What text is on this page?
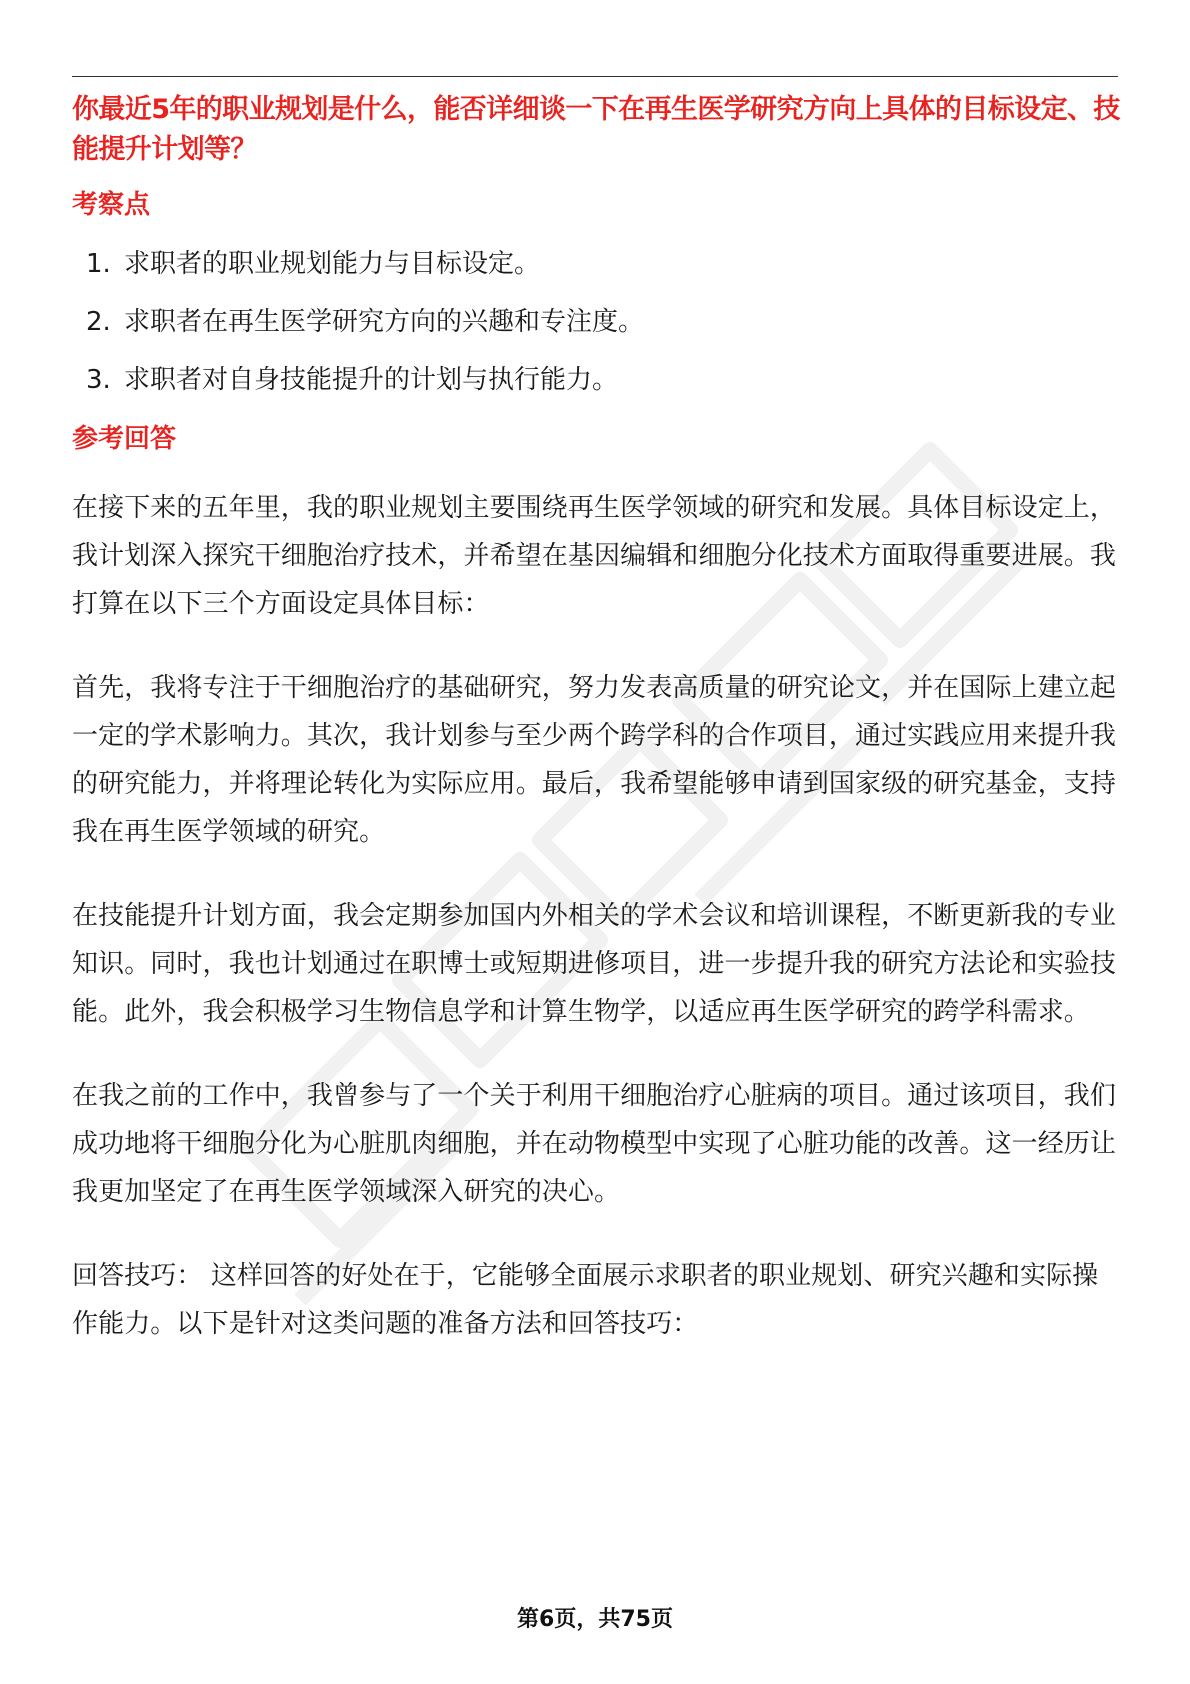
你最近5年的职业规划是什么，能否详细谈一下在再生医学研究方向上具体的目标设定、技能提升计划等？

考察点

1. 求职者的职业规划能力与目标设定。
2. 求职者在再生医学研究方向的兴趣和专注度。
3. 求职者对自身技能提升的计划与执行能力。

参考回答

在接下来的五年里，我的职业规划主要围绕再生医学领域的研究和发展。具体目标设定上，我计划深入探究干细胞治疗技术，并希望在基因编辑和细胞分化技术方面取得重要进展。我打算在以下三个方面设定具体目标：

首先，我将专注于干细胞治疗的基础研究，努力发表高质量的研究论文，并在国际上建立起一定的学术影响力。其次，我计划参与至少两个跨学科的合作项目，通过实践应用来提升我的研究能力，并将理论转化为实际应用。最后，我希望能够申请到国家级的研究基金，支持我在再生医学领域的研究。

在技能提升计划方面，我会定期参加国内外相关的学术会议和培训课程，不断更新我的专业知识。同时，我也计划通过在职博士或短期进修项目，进一步提升我的研究方法论和实验技能。此外，我会积极学习生物信息学和计算生物学，以适应再生医学研究的跨学科需求。

在我之前的工作中，我曾参与了一个关于利用干细胞治疗心脏病的项目。通过该项目，我们成功地将干细胞分化为心脏肌肉细胞，并在动物模型中实现了心脏功能的改善。这一经历让我更加坚定了在再生医学领域深入研究的决心。

回答技巧： 这样回答的好处在于，它能够全面展示求职者的职业规划、研究兴趣和实际操作能力。以下是针对这类问题的准备方法和回答技巧：

第6页，共75页
